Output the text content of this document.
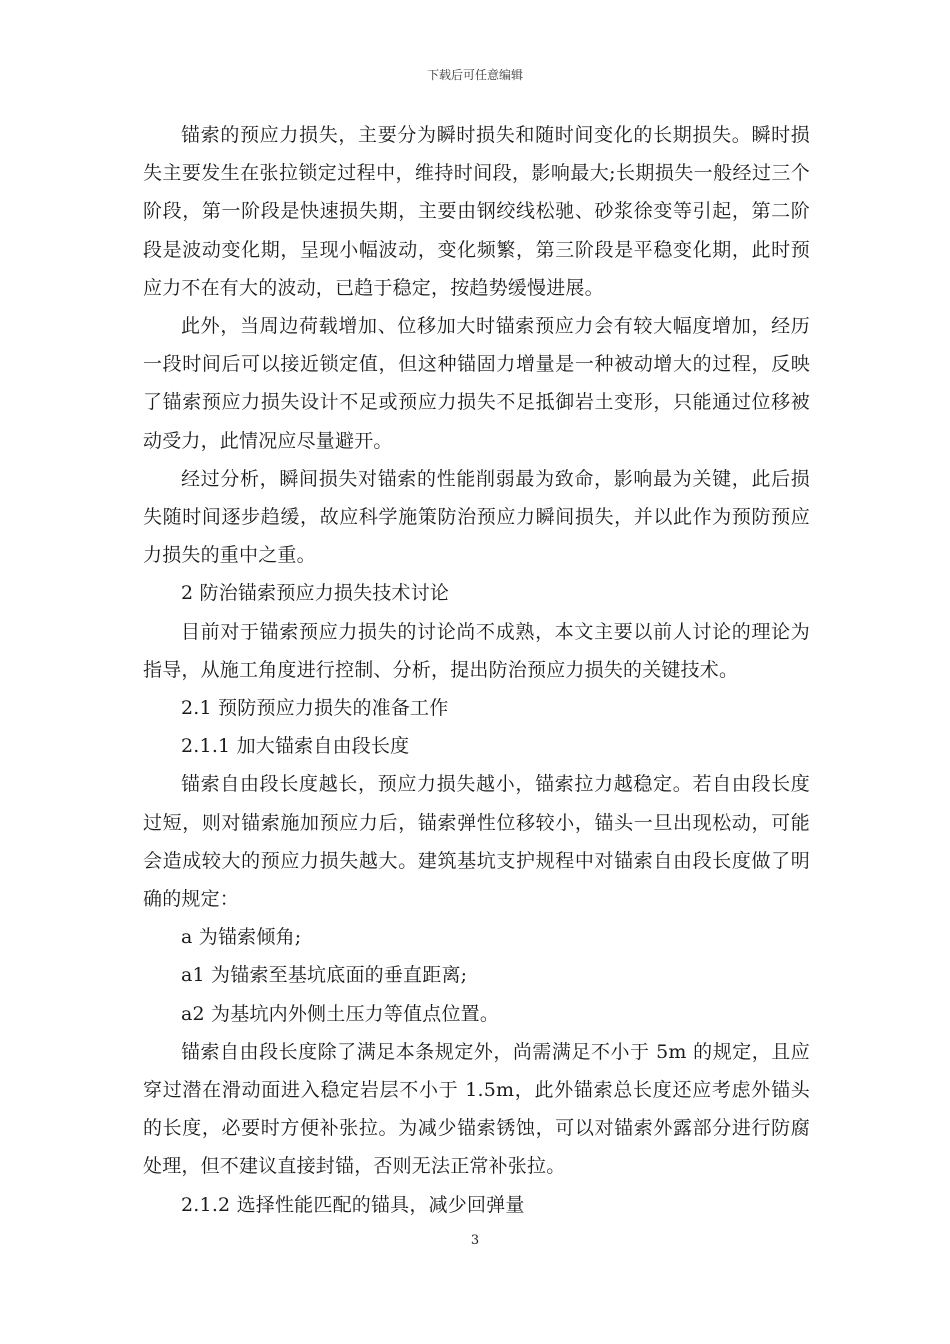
下载后可任意编辑

锚索的预应力损失，主要分为瞬时损失和随时间变化的长期损失。瞬时损失主要发生在张拉锁定过程中，维持时间段，影响最大;长期损失一般经过三个阶段，第一阶段是快速损失期，主要由钢绞线松驰、砂浆徐变等引起，第二阶段是波动变化期，呈现小幅波动，变化频繁，第三阶段是平稳变化期，此时预应力不在有大的波动，已趋于稳定，按趋势缓慢进展。

此外，当周边荷载增加、位移加大时锚索预应力会有较大幅度增加，经历一段时间后可以接近锁定值，但这种锚固力增量是一种被动增大的过程，反映了锚索预应力损失设计不足或预应力损失不足抵御岩土变形，只能通过位移被动受力，此情况应尽量避开。

经过分析，瞬间损失对锚索的性能削弱最为致命，影响最为关键，此后损失随时间逐步趋缓，故应科学施策防治预应力瞬间损失，并以此作为预防预应力损失的重中之重。

2 防治锚索预应力损失技术讨论

目前对于锚索预应力损失的讨论尚不成熟，本文主要以前人讨论的理论为指导，从施工角度进行控制、分析，提出防治预应力损失的关键技术。

2.1 预防预应力损失的准备工作

2.1.1 加大锚索自由段长度

锚索自由段长度越长，预应力损失越小，锚索拉力越稳定。若自由段长度过短，则对锚索施加预应力后，锚索弹性位移较小，锚头一旦出现松动，可能会造成较大的预应力损失越大。建筑基坑支护规程中对锚索自由段长度做了明确的规定：

a 为锚索倾角;

a1 为锚索至基坑底面的垂直距离;

a2 为基坑内外侧土压力等值点位置。

锚索自由段长度除了满足本条规定外，尚需满足不小于 5m 的规定，且应穿过潜在滑动面进入稳定岩层不小于 1.5m，此外锚索总长度还应考虑外锚头的长度，必要时方便补张拉。为减少锚索锈蚀，可以对锚索外露部分进行防腐处理，但不建议直接封锚，否则无法正常补张拉。

2.1.2 选择性能匹配的锚具，减少回弹量

3
